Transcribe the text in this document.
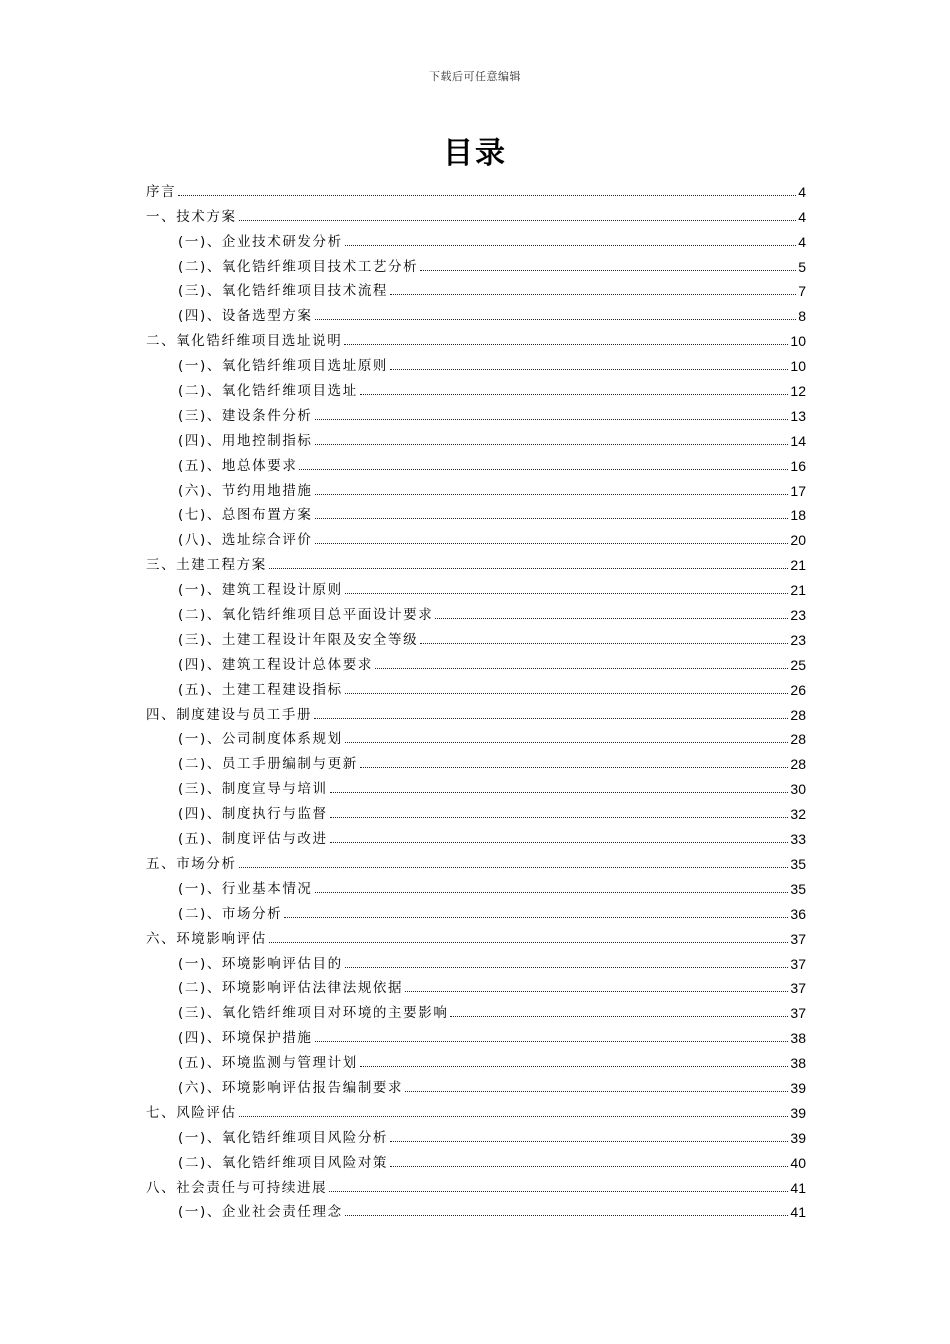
下载后可任意编辑
目录
序言	4
一、技术方案	4
(一)、企业技术研发分析	4
(二)、氧化锆纤维项目技术工艺分析	5
(三)、氧化锆纤维项目技术流程	7
(四)、设备选型方案	8
二、氧化锆纤维项目选址说明	10
(一)、氧化锆纤维项目选址原则	10
(二)、氧化锆纤维项目选址	12
(三)、建设条件分析	13
(四)、用地控制指标	14
(五)、地总体要求	16
(六)、节约用地措施	17
(七)、总图布置方案	18
(八)、选址综合评价	20
三、土建工程方案	21
(一)、建筑工程设计原则	21
(二)、氧化锆纤维项目总平面设计要求	23
(三)、土建工程设计年限及安全等级	23
(四)、建筑工程设计总体要求	25
(五)、土建工程建设指标	26
四、制度建设与员工手册	28
(一)、公司制度体系规划	28
(二)、员工手册编制与更新	28
(三)、制度宣导与培训	30
(四)、制度执行与监督	32
(五)、制度评估与改进	33
五、市场分析	35
(一)、行业基本情况	35
(二)、市场分析	36
六、环境影响评估	37
(一)、环境影响评估目的	37
(二)、环境影响评估法律法规依据	37
(三)、氧化锆纤维项目对环境的主要影响	37
(四)、环境保护措施	38
(五)、环境监测与管理计划	38
(六)、环境影响评估报告编制要求	39
七、风险评估	39
(一)、氧化锆纤维项目风险分析	39
(二)、氧化锆纤维项目风险对策	40
八、社会责任与可持续进展	41
(一)、企业社会责任理念	41
